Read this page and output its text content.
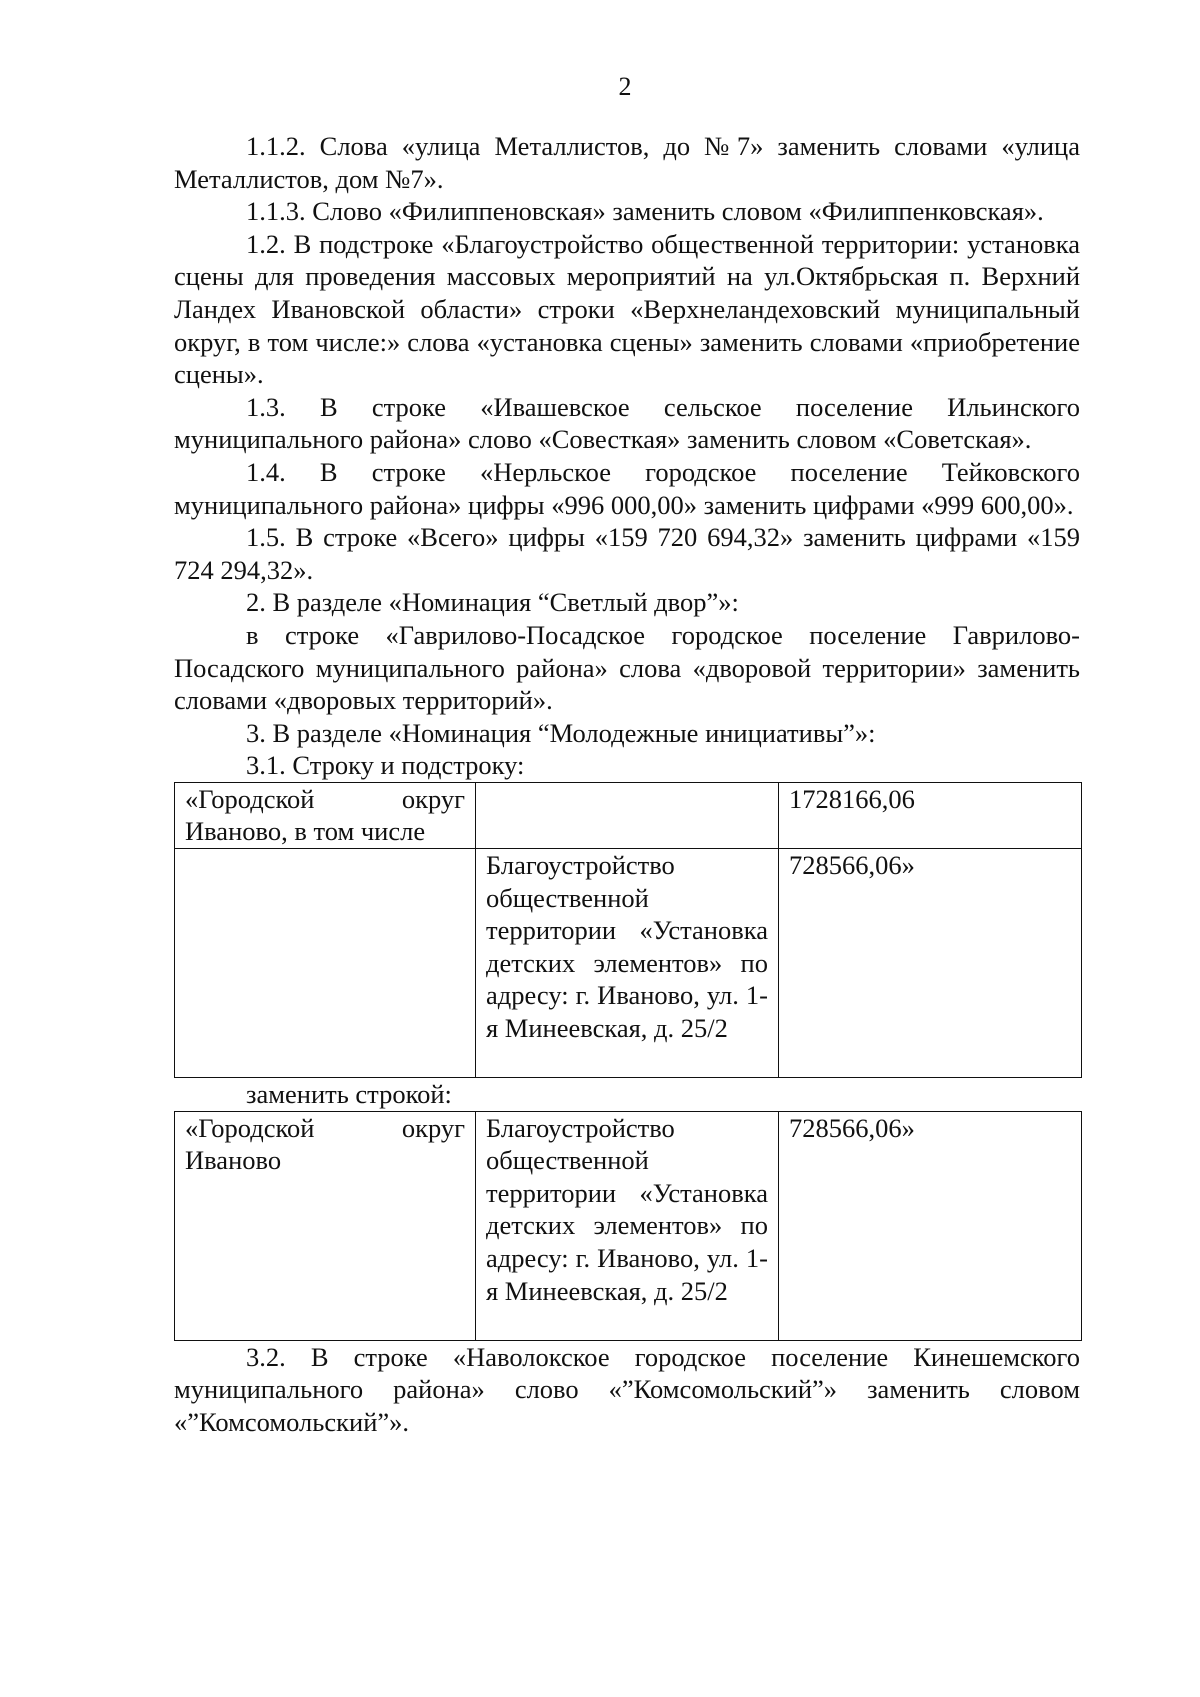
2

1.1.2. Слова «улица Металлистов, до №7» заменить словами «улица Металлистов, дом №7».

1.1.3. Слово «Филиппеновская» заменить словом «Филиппенковская».

1.2. В подстроке «Благоустройство общественной территории: установка сцены для проведения массовых мероприятий на ул.Октябрьская п. Верхний Ландех Ивановской области» строки «Верхнеландеховский муниципальный округ, в том числе:» слова «установка сцены» заменить словами «приобретение сцены».

1.3. В строке «Ивашевское сельское поселение Ильинского муниципального района» слово «Совесткая» заменить словом «Советская».

1.4. В строке «Нерльское городское поселение Тейковского муниципального района» цифры «996 000,00» заменить цифрами «999 600,00».

1.5. В строке «Всего» цифры «159 720 694,32» заменить цифрами «159 724 294,32».

2. В разделе «Номинация “Светлый двор”»:

в строке «Гаврилово-Посадское городское поселение Гаврилово-Посадского муниципального района» слова «дворовой территории» заменить словами «дворовых территорий».

3. В разделе «Номинация “Молодежные инициативы”»:

3.1. Строку и подстроку:

«Городской округ Иваново, в том числе		1728166,06
	Благоустройство общественной территории «Установка детских элементов» по адресу: г. Иваново, ул. 1-я Минеевская, д. 25/2	728566,06»

заменить строкой:

«Городской округ Иваново	Благоустройство общественной территории «Установка детских элементов» по адресу: г. Иваново, ул. 1-я Минеевская, д. 25/2	728566,06»

3.2. В строке «Наволокское городское поселение Кинешемского муниципального района» слово «”Комсомольский”» заменить словом «”Комсомольский”».
